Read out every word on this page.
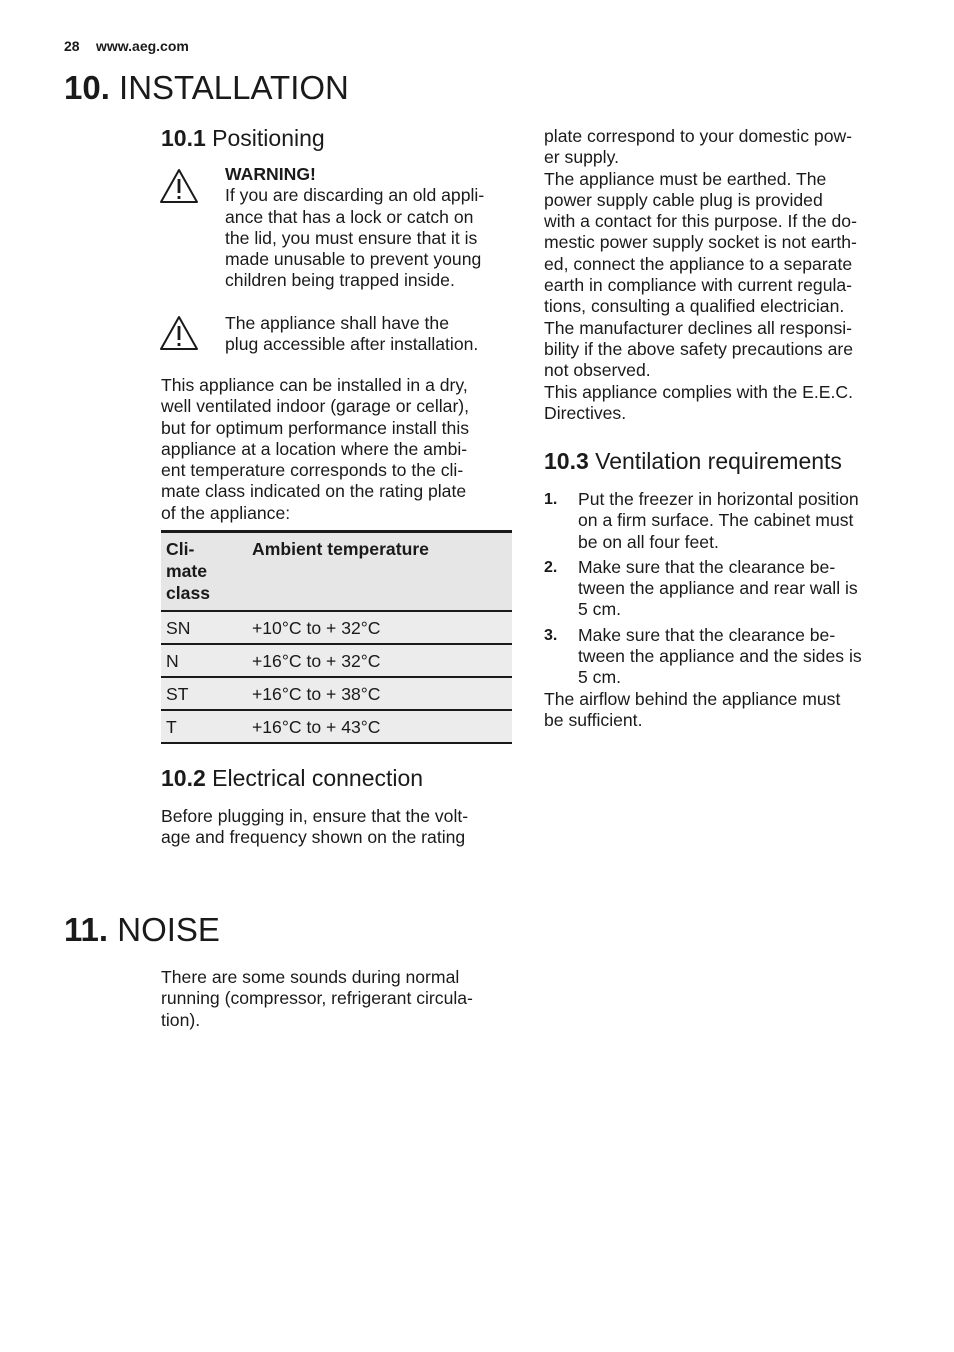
28 www.aeg.com
10. INSTALLATION
10.1 Positioning
WARNING!
If you are discarding an old appli-
ance that has a lock or catch on
the lid, you must ensure that it is
made unusable to prevent young
children being trapped inside.
The appliance shall have the
plug accessible after installation.
This appliance can be installed in a dry,
well ventilated indoor (garage or cellar),
but for optimum performance install this
appliance at a location where the ambi-
ent temperature corresponds to the cli-
mate class indicated on the rating plate
of the appliance:
Cli-
mate
class	Ambient temperature
SN	+10°C to + 32°C
N	+16°C to + 32°C
ST	+16°C to + 38°C
T	+16°C to + 43°C
10.2 Electrical connection
Before plugging in, ensure that the volt-
age and frequency shown on the rating
plate correspond to your domestic pow-
er supply.
The appliance must be earthed. The
power supply cable plug is provided
with a contact for this purpose. If the do-
mestic power supply socket is not earth-
ed, connect the appliance to a separate
earth in compliance with current regula-
tions, consulting a qualified electrician.
The manufacturer declines all responsi-
bility if the above safety precautions are
not observed.
This appliance complies with the E.E.C.
Directives.
10.3 Ventilation requirements
1. Put the freezer in horizontal position
on a firm surface. The cabinet must
be on all four feet.
2. Make sure that the clearance be-
tween the appliance and rear wall is
5 cm.
3. Make sure that the clearance be-
tween the appliance and the sides is
5 cm.
The airflow behind the appliance must
be sufficient.
11. NOISE
There are some sounds during normal
running (compressor, refrigerant circula-
tion).
